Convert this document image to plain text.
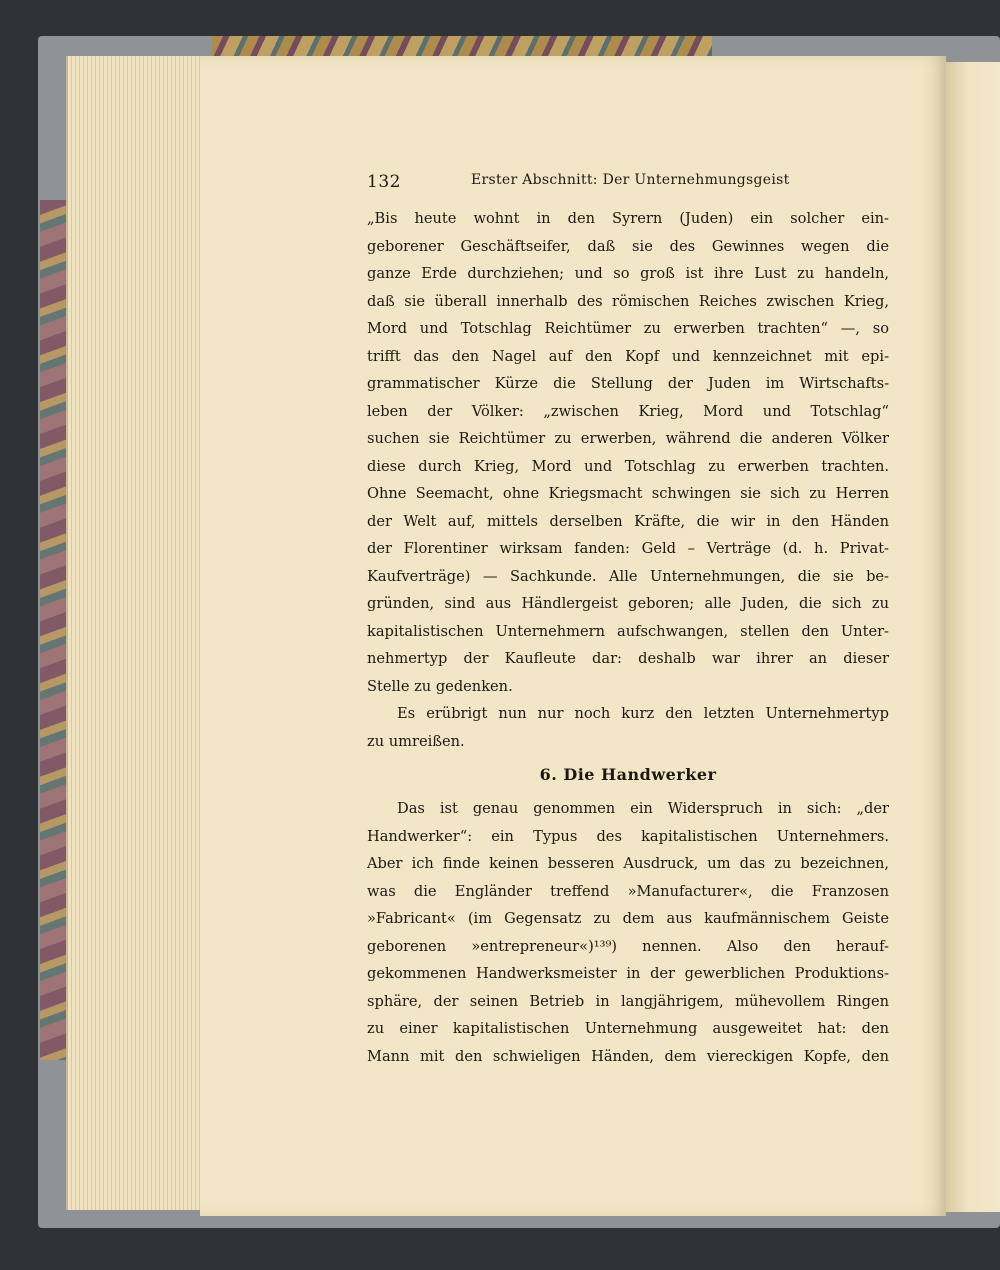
132	Erster Abschnitt: Der Unternehmungsgeist
„Bis heute wohnt in den Syrern (Juden) ein solcher ein-
geborener Geschäftseifer, daß sie des Gewinnes wegen die
ganze Erde durchziehen; und so groß ist ihre Lust zu handeln,
daß sie überall innerhalb des römischen Reiches zwischen Krieg,
Mord und Totschlag Reichtümer zu erwerben trachten“ —, so
trifft das den Nagel auf den Kopf und kennzeichnet mit epi-
grammatischer Kürze die Stellung der Juden im Wirtschafts-
leben der Völker: „zwischen Krieg, Mord und Totschlag“
suchen sie Reichtümer zu erwerben, während die anderen Völker
diese durch Krieg, Mord und Totschlag zu erwerben trachten.
Ohne Seemacht, ohne Kriegsmacht schwingen sie sich zu Herren
der Welt auf, mittels derselben Kräfte, die wir in den Händen
der Florentiner wirksam fanden: Geld – Verträge (d. h. Privat-
Kaufverträge) — Sachkunde. Alle Unternehmungen, die sie be-
gründen, sind aus Händlergeist geboren; alle Juden, die sich zu
kapitalistischen Unternehmern aufschwangen, stellen den Unter-
nehmertyp der Kaufleute dar: deshalb war ihrer an dieser
Stelle zu gedenken.
Es erübrigt nun nur noch kurz den letzten Unternehmertyp
zu umreißen.
6. Die Handwerker
Das ist genau genommen ein Widerspruch in sich: „der
Handwerker“: ein Typus des kapitalistischen Unternehmers.
Aber ich finde keinen besseren Ausdruck, um das zu bezeichnen,
was die Engländer treffend »Manufacturer«, die Franzosen
»Fabricant« (im Gegensatz zu dem aus kaufmännischem Geiste
geborenen »entrepreneur«)¹³⁹) nennen. Also den herauf-
gekommenen Handwerksmeister in der gewerblichen Produktions-
sphäre, der seinen Betrieb in langjährigem, mühevollem Ringen
zu einer kapitalistischen Unternehmung ausgeweitet hat: den
Mann mit den schwieligen Händen, dem viereckigen Kopfe, den
